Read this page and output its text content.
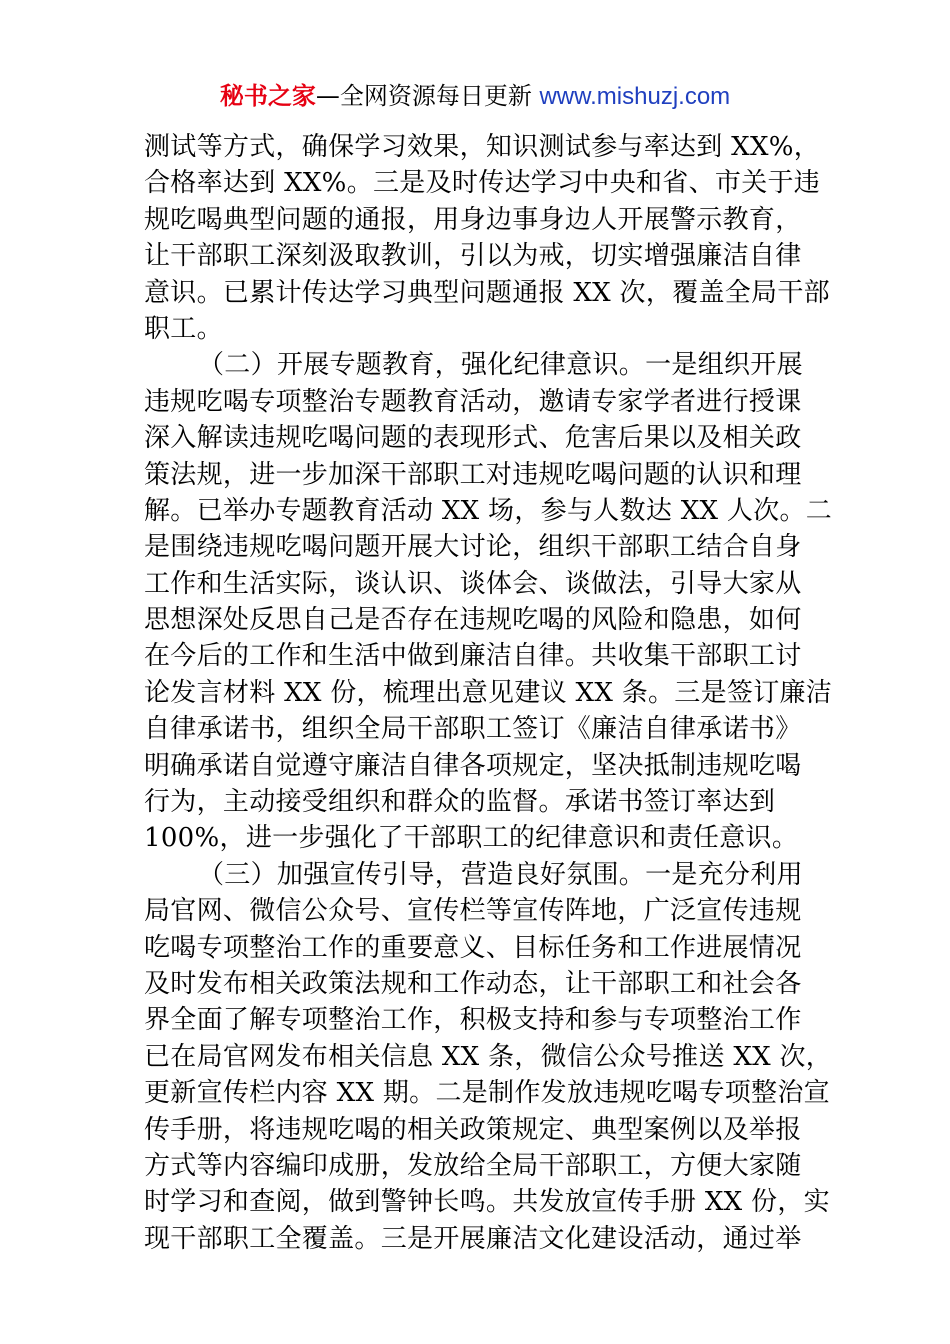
秘书之家—全网资源每日更新 www.mishuzj.com
测试等方式，确保学习效果，知识测试参与率达到 XX%，
合格率达到 XX%。三是及时传达学习中央和省、市关于违
规吃喝典型问题的通报，用身边事身边人开展警示教育，
让干部职工深刻汲取教训，引以为戒，切实增强廉洁自律
意识。已累计传达学习典型问题通报 XX 次，覆盖全局干部
职工。
（二）开展专题教育，强化纪律意识。一是组织开展
违规吃喝专项整治专题教育活动，邀请专家学者进行授课
深入解读违规吃喝问题的表现形式、危害后果以及相关政
策法规，进一步加深干部职工对违规吃喝问题的认识和理
解。已举办专题教育活动 XX 场，参与人数达 XX 人次。二
是围绕违规吃喝问题开展大讨论，组织干部职工结合自身
工作和生活实际，谈认识、谈体会、谈做法，引导大家从
思想深处反思自己是否存在违规吃喝的风险和隐患，如何
在今后的工作和生活中做到廉洁自律。共收集干部职工讨
论发言材料 XX 份，梳理出意见建议 XX 条。三是签订廉洁
自律承诺书，组织全局干部职工签订《廉洁自律承诺书》
明确承诺自觉遵守廉洁自律各项规定，坚决抵制违规吃喝
行为，主动接受组织和群众的监督。承诺书签订率达到
100%，进一步强化了干部职工的纪律意识和责任意识。
（三）加强宣传引导，营造良好氛围。一是充分利用
局官网、微信公众号、宣传栏等宣传阵地，广泛宣传违规
吃喝专项整治工作的重要意义、目标任务和工作进展情况
及时发布相关政策法规和工作动态，让干部职工和社会各
界全面了解专项整治工作，积极支持和参与专项整治工作
已在局官网发布相关信息 XX 条，微信公众号推送 XX 次，
更新宣传栏内容 XX 期。二是制作发放违规吃喝专项整治宣
传手册，将违规吃喝的相关政策规定、典型案例以及举报
方式等内容编印成册，发放给全局干部职工，方便大家随
时学习和查阅，做到警钟长鸣。共发放宣传手册 XX 份，实
现干部职工全覆盖。三是开展廉洁文化建设活动，通过举
